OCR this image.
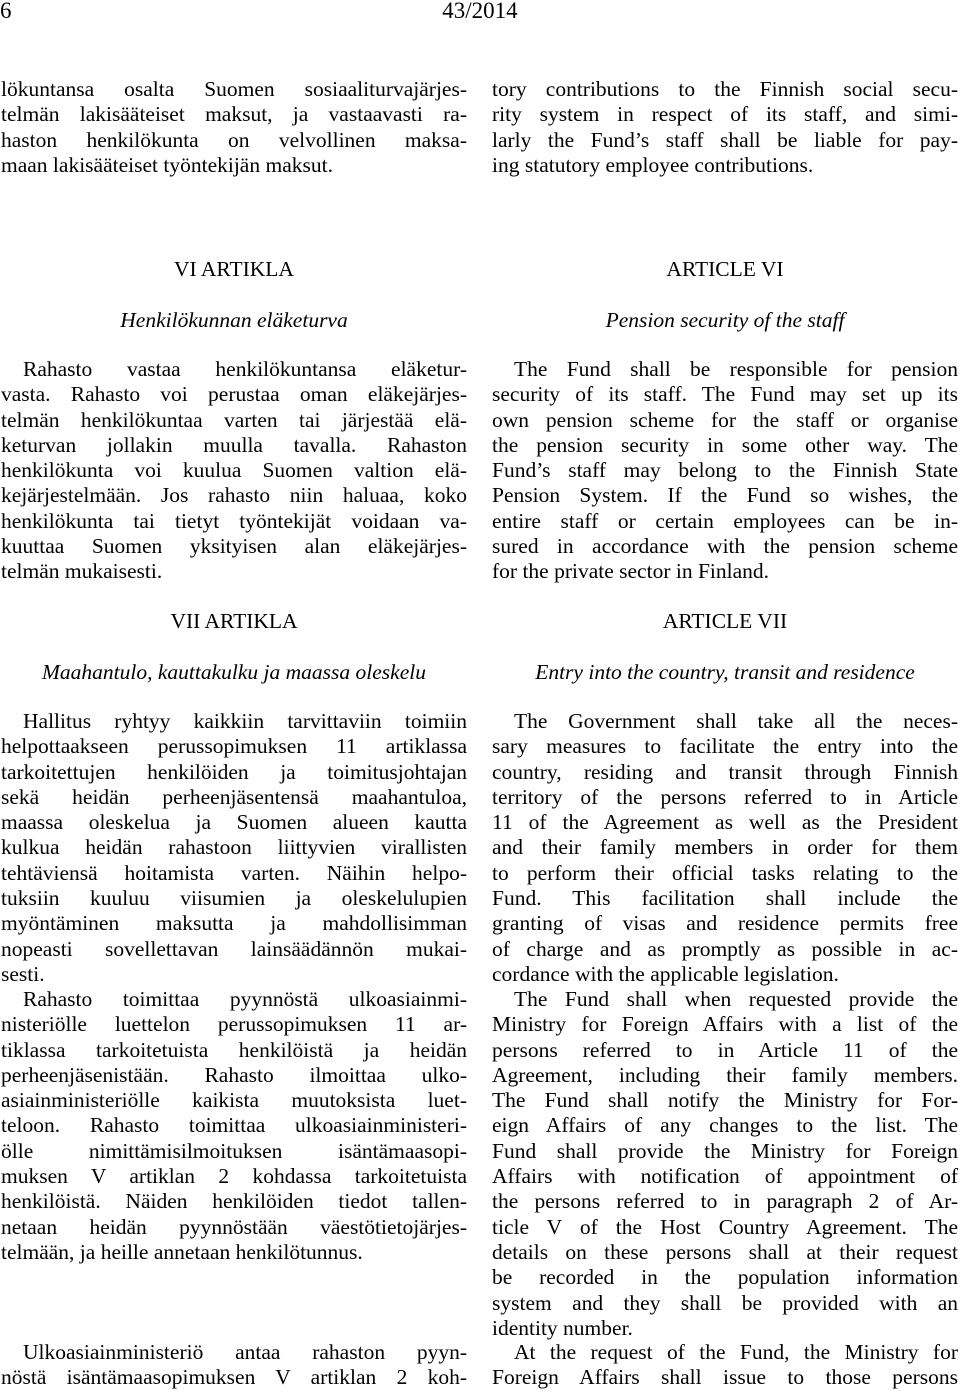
6	43/2014
lökuntansa osalta Suomen sosiaaliturvajärjes-
telmän lakisääteiset maksut, ja vastaavasti ra-
haston henkilökunta on velvollinen maksa-
maan lakisääteiset työntekijän maksut.
VI ARTIKLA
Henkilökunnan eläketurva
Rahasto vastaa henkilökuntansa eläketur-
vasta. Rahasto voi perustaa oman eläkejärjes-
telmän henkilökuntaa varten tai järjestää elä-
keturvan jollakin muulla tavalla. Rahaston
henkilökunta voi kuulua Suomen valtion elä-
kejärjestelmään. Jos rahasto niin haluaa, koko
henkilökunta tai tietyt työntekijät voidaan va-
kuuttaa Suomen yksityisen alan eläkejärjes-
telmän mukaisesti.
VII ARTIKLA
Maahantulo, kauttakulku ja maassa oleskelu
Hallitus ryhtyy kaikkiin tarvittaviin toimiin
helpottaakseen perussopimuksen 11 artiklassa
tarkoitettujen henkilöiden ja toimitusjohtajan
sekä heidän perheenjäsentensä maahantuloa,
maassa oleskelua ja Suomen alueen kautta
kulkua heidän rahastoon liittyvien virallisten
tehtäviensä hoitamista varten. Näihin helpo-
tuksiin kuuluu viisumien ja oleskelulupien
myöntäminen maksutta ja mahdollisimman
nopeasti sovellettavan lainsäädännön mukai-
sesti.
Rahasto toimittaa pyynnöstä ulkoasiainmi-
nisteriölle luettelon perussopimuksen 11 ar-
tiklassa tarkoitetuista henkilöistä ja heidän
perheenjäsenistään. Rahasto ilmoittaa ulko-
asiainministeriölle kaikista muutoksista luet-
teloon. Rahasto toimittaa ulkoasiainministeri-
ölle nimittämisilmoituksen isäntämaasopi-
muksen V artiklan 2 kohdassa tarkoitetuista
henkilöistä. Näiden henkilöiden tiedot tallen-
netaan heidän pyynnöstään väestötietojärjes-
telmään, ja heille annetaan henkilötunnus.
Ulkoasiainministeriö antaa rahaston pyyn-
nöstä isäntämaasopimuksen V artiklan 2 koh-
tory contributions to the Finnish social secu-
rity system in respect of its staff, and simi-
larly the Fund’s staff shall be liable for pay-
ing statutory employee contributions.
ARTICLE VI
Pension security of the staff
The Fund shall be responsible for pension
security of its staff. The Fund may set up its
own pension scheme for the staff or organise
the pension security in some other way. The
Fund’s staff may belong to the Finnish State
Pension System. If the Fund so wishes, the
entire staff or certain employees can be in-
sured in accordance with the pension scheme
for the private sector in Finland.
ARTICLE VII
Entry into the country, transit and residence
The Government shall take all the neces-
sary measures to facilitate the entry into the
country, residing and transit through Finnish
territory of the persons referred to in Article
11 of the Agreement as well as the President
and their family members in order for them
to perform their official tasks relating to the
Fund. This facilitation shall include the
granting of visas and residence permits free
of charge and as promptly as possible in ac-
cordance with the applicable legislation.
The Fund shall when requested provide the
Ministry for Foreign Affairs with a list of the
persons referred to in Article 11 of the
Agreement, including their family members.
The Fund shall notify the Ministry for For-
eign Affairs of any changes to the list. The
Fund shall provide the Ministry for Foreign
Affairs with notification of appointment of
the persons referred to in paragraph 2 of Ar-
ticle V of the Host Country Agreement. The
details on these persons shall at their request
be recorded in the population information
system and they shall be provided with an
identity number.
At the request of the Fund, the Ministry for
Foreign Affairs shall issue to those persons
